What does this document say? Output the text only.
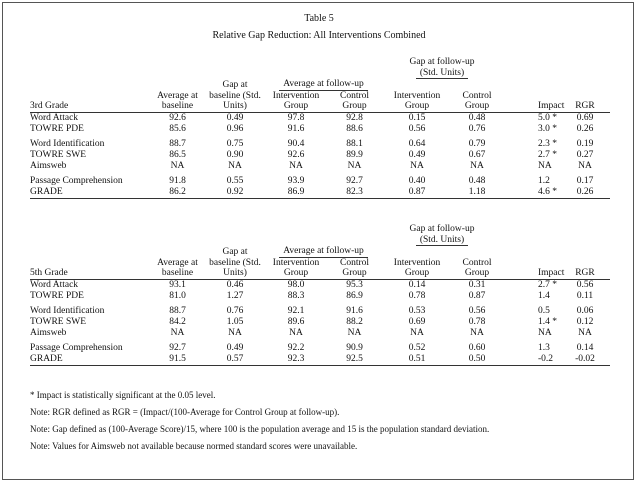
Table 5
Relative Gap Reduction: All Interventions Combined

					Gap at follow-up
(Std. Units)			
		Gap at	Average at follow-up					
	Average at	baseline (Std.	Intervention	Control	Intervention	Control		
3rd Grade	baseline	Units)	Group	Group	Group	Group	Impact	RGR
Word Attack	92.6	0.49	97.8	92.8	0.15	0.48	5.0 *	0.69
TOWRE PDE	85.6	0.96	91.6	88.6	0.56	0.76	3.0 *	0.26

Word Identification	88.7	0.75	90.4	88.1	0.64	0.79	2.3 *	0.19
TOWRE SWE	86.5	0.90	92.6	89.9	0.49	0.67	2.7 *	0.27
Aimsweb	NA	NA	NA	NA	NA	NA	NA	NA

Passage Comprehension	91.8	0.55	93.9	92.7	0.40	0.48	1.2	0.17
GRADE	86.2	0.92	86.9	82.3	0.87	1.18	4.6 *	0.26

					Gap at follow-up
(Std. Units)			
		Gap at	Average at follow-up					
	Average at	baseline (Std.	Intervention	Control	Intervention	Control		
5th Grade	baseline	Units)	Group	Group	Group	Group	Impact	RGR
Word Attack	93.1	0.46	98.0	95.3	0.14	0.31	2.7 *	0.56
TOWRE PDE	81.0	1.27	88.3	86.9	0.78	0.87	1.4	0.11

Word Identification	88.7	0.76	92.1	91.6	0.53	0.56	0.5	0.06
TOWRE SWE	84.2	1.05	89.6	88.2	0.69	0.78	1.4 *	0.12
Aimsweb	NA	NA	NA	NA	NA	NA	NA	NA

Passage Comprehension	92.7	0.49	92.2	90.9	0.52	0.60	1.3	0.14
GRADE	91.5	0.57	92.3	92.5	0.51	0.50	-0.2	-0.02
* Impact is statistically significant at the 0.05 level.
Note: RGR defined as RGR = (Impact/(100-Average for Control Group at follow-up).
Note: Gap defined as (100-Average Score)/15, where 100 is the population average and 15 is the population standard deviation.
Note: Values for Aimsweb not available because normed standard scores were unavailable.
